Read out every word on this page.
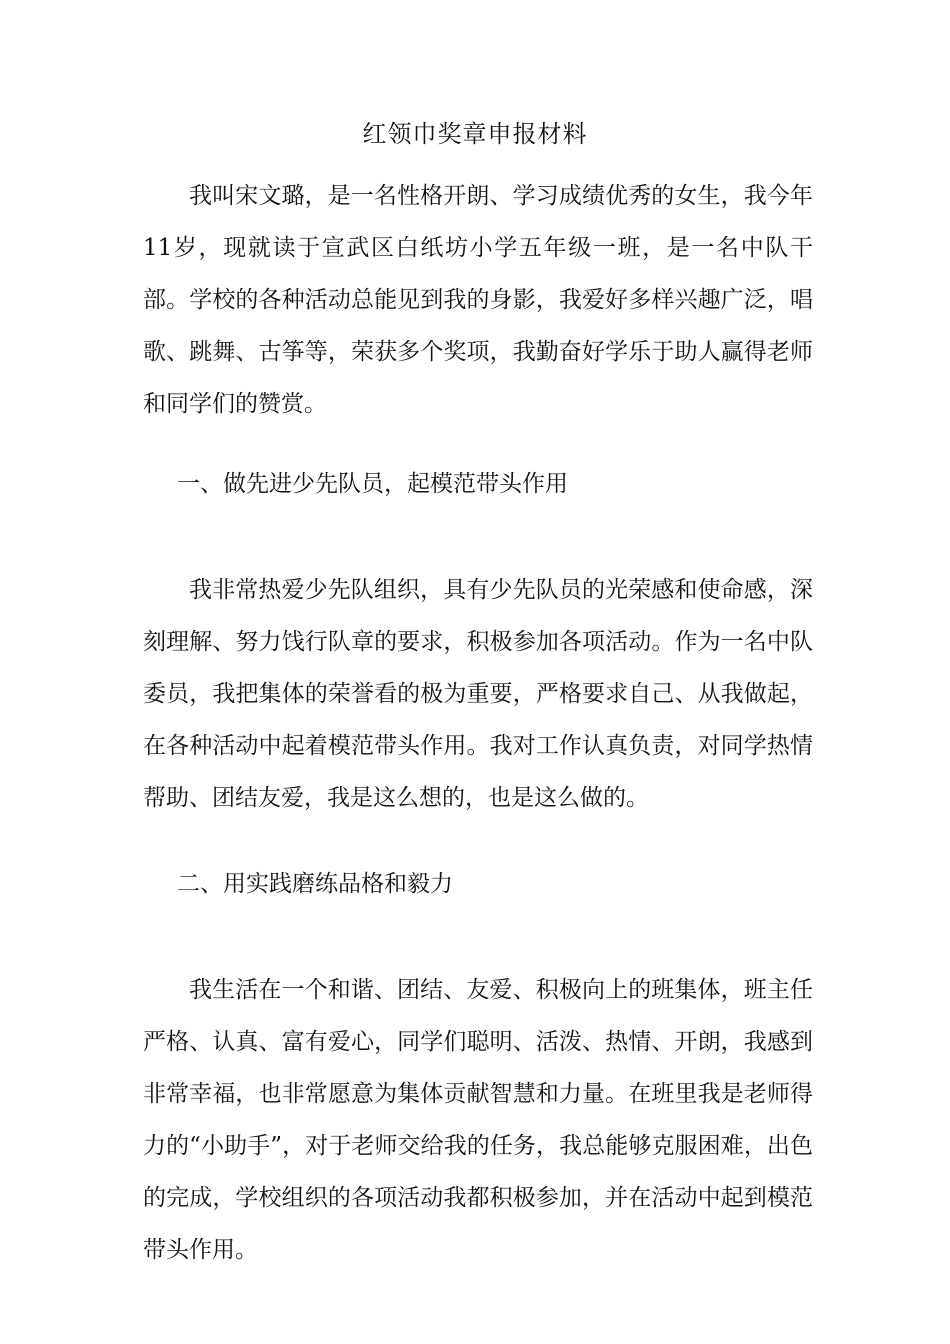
红领巾奖章申报材料

我叫宋文璐，是一名性格开朗、学习成绩优秀的女生，我今年11岁，现就读于宣武区白纸坊小学五年级一班，是一名中队干部。学校的各种活动总能见到我的身影，我爱好多样兴趣广泛，唱歌、跳舞、古筝等，荣获多个奖项，我勤奋好学乐于助人赢得老师和同学们的赞赏。

一、做先进少先队员，起模范带头作用

我非常热爱少先队组织，具有少先队员的光荣感和使命感，深刻理解、努力饯行队章的要求，积极参加各项活动。作为一名中队委员，我把集体的荣誉看的极为重要，严格要求自己、从我做起，在各种活动中起着模范带头作用。我对工作认真负责，对同学热情帮助、团结友爱，我是这么想的，也是这么做的。

二、用实践磨练品格和毅力

我生活在一个和谐、团结、友爱、积极向上的班集体，班主任严格、认真、富有爱心，同学们聪明、活泼、热情、开朗，我感到非常幸福，也非常愿意为集体贡献智慧和力量。在班里我是老师得力的“小助手”，对于老师交给我的任务，我总能够克服困难，出色的完成，学校组织的各项活动我都积极参加，并在活动中起到模范带头作用。
